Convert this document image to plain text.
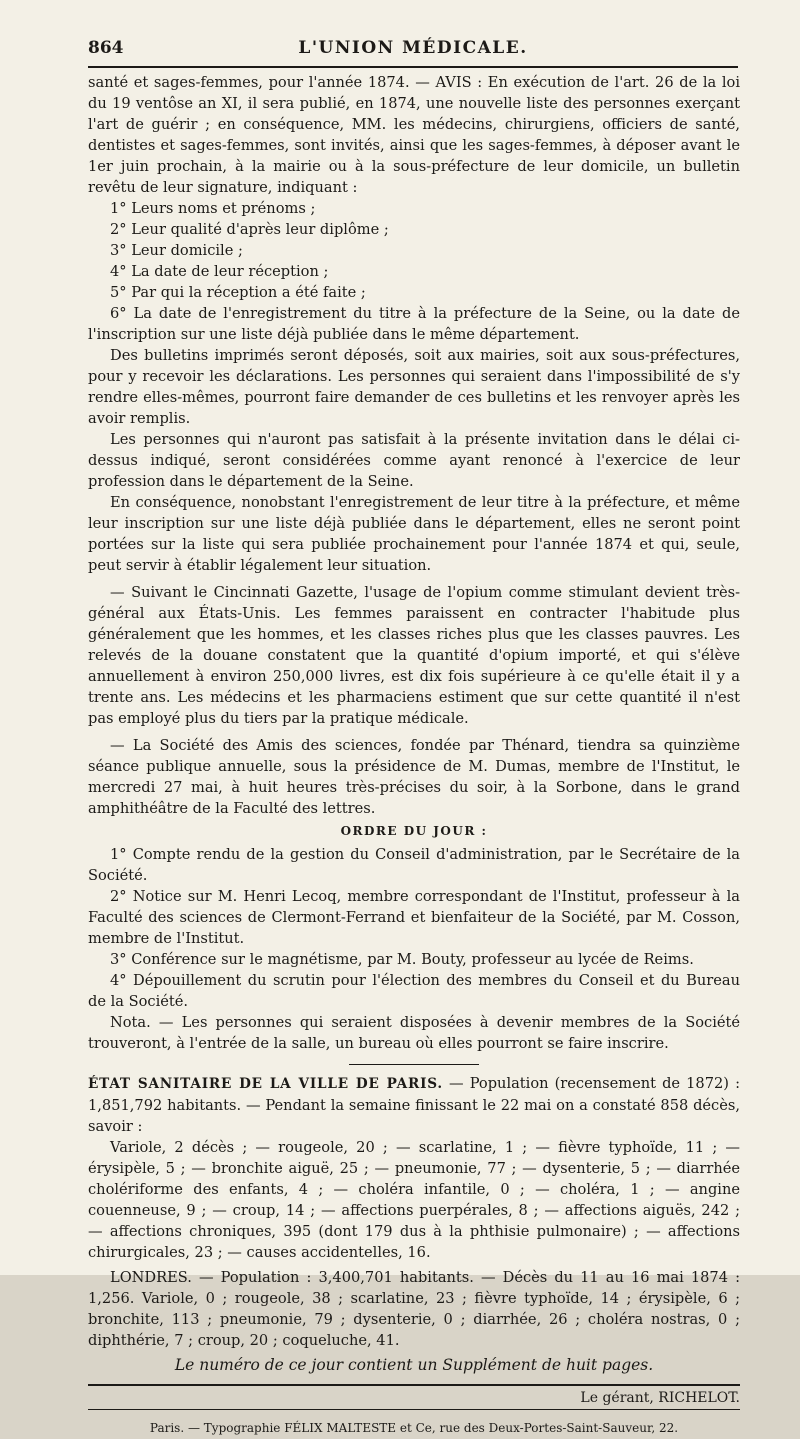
864	L'UNION MÉDICALE.

santé et sages-femmes, pour l'année 1874. — AVIS : En exécution de l'art. 26 de la loi du 19 ventôse an XI, il sera publié, en 1874, une nouvelle liste des personnes exerçant l'art de guérir ; en conséquence, MM. les médecins, chirurgiens, officiers de santé, dentistes et sages-femmes, sont invités, ainsi que les sages-femmes, à déposer avant le 1er juin prochain, à la mairie ou à la sous-préfecture de leur domicile, un bulletin revêtu de leur signature, indiquant :

1° Leurs noms et prénoms ;

2° Leur qualité d'après leur diplôme ;

3° Leur domicile ;

4° La date de leur réception ;

5° Par qui la réception a été faite ;

6° La date de l'enregistrement du titre à la préfecture de la Seine, ou la date de l'inscription sur une liste déjà publiée dans le même département.

Des bulletins imprimés seront déposés, soit aux mairies, soit aux sous-préfectures, pour y recevoir les déclarations. Les personnes qui seraient dans l'impossibilité de s'y rendre elles-mêmes, pourront faire demander de ces bulletins et les renvoyer après les avoir remplis.

Les personnes qui n'auront pas satisfait à la présente invitation dans le délai ci-dessus indiqué, seront considérées comme ayant renoncé à l'exercice de leur profession dans le département de la Seine.

En conséquence, nonobstant l'enregistrement de leur titre à la préfecture, et même leur inscription sur une liste déjà publiée dans le département, elles ne seront point portées sur la liste qui sera publiée prochainement pour l'année 1874 et qui, seule, peut servir à établir légalement leur situation.

— Suivant le Cincinnati Gazette, l'usage de l'opium comme stimulant devient très-général aux États-Unis. Les femmes paraissent en contracter l'habitude plus généralement que les hommes, et les classes riches plus que les classes pauvres. Les relevés de la douane constatent que la quantité d'opium importé, et qui s'élève annuellement à environ 250,000 livres, est dix fois supérieure à ce qu'elle était il y a trente ans. Les médecins et les pharmaciens estiment que sur cette quantité il n'est pas employé plus du tiers par la pratique médicale.

— La Société des Amis des sciences, fondée par Thénard, tiendra sa quinzième séance publique annuelle, sous la présidence de M. Dumas, membre de l'Institut, le mercredi 27 mai, à huit heures très-précises du soir, à la Sorbone, dans le grand amphithéâtre de la Faculté des lettres.

ORDRE DU JOUR :

1° Compte rendu de la gestion du Conseil d'administration, par le Secrétaire de la Société.

2° Notice sur M. Henri Lecoq, membre correspondant de l'Institut, professeur à la Faculté des sciences de Clermont-Ferrand et bienfaiteur de la Société, par M. Cosson, membre de l'Institut.

3° Conférence sur le magnétisme, par M. Bouty, professeur au lycée de Reims.

4° Dépouillement du scrutin pour l'élection des membres du Conseil et du Bureau de la Société.

Nota. — Les personnes qui seraient disposées à devenir membres de la Société trouveront, à l'entrée de la salle, un bureau où elles pourront se faire inscrire.

ÉTAT SANITAIRE DE LA VILLE DE PARIS. — Population (recensement de 1872) : 1,851,792 habitants. — Pendant la semaine finissant le 22 mai on a constaté 858 décès, savoir :

Variole, 2 décès ; — rougeole, 20 ; — scarlatine, 1 ; — fièvre typhoïde, 11 ; — érysipèle, 5 ; — bronchite aiguë, 25 ; — pneumonie, 77 ; — dysenterie, 5 ; — diarrhée cholériforme des enfants, 4 ; — choléra infantile, 0 ; — choléra, 1 ; — angine couenneuse, 9 ; — croup, 14 ; — affections puerpérales, 8 ; — affections aiguës, 242 ; — affections chroniques, 395 (dont 179 dus à la phthisie pulmonaire) ; — affections chirurgicales, 23 ; — causes accidentelles, 16.

LONDRES. — Population : 3,400,701 habitants. — Décès du 11 au 16 mai 1874 : 1,256. Variole, 0 ; rougeole, 38 ; scarlatine, 23 ; fièvre typhoïde, 14 ; érysipèle, 6 ; bronchite, 113 ; pneumonie, 79 ; dysenterie, 0 ; diarrhée, 26 ; choléra nostras, 0 ; diphthérie, 7 ; croup, 20 ; coqueluche, 41.

Le numéro de ce jour contient un Supplément de huit pages.

Le gérant, RICHELOT.

Paris. — Typographie FÉLIX MALTESTE et Ce, rue des Deux-Portes-Saint-Sauveur, 22.
